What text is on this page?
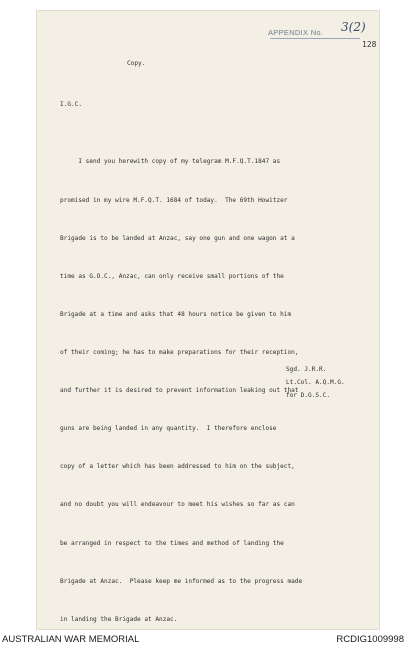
APPENDIX No. 3(2)
128
Copy.
I.G.C.

I send you herewith copy of my telegram M.F.Q.T.1847 as

promised in my wire M.F.Q.T. 1684 of today.  The 69th Howitzer

Brigade is to be landed at Anzac, say one gun and one wagon at a

time as G.O.C., Anzac, can only receive small portions of the

Brigade at a time and asks that 48 hours notice be given to him

of their coming; he has to make preparations for their reception,

and further it is desired to prevent information leaking out that

guns are being landed in any quantity.  I therefore enclose

copy of a letter which has been addressed to him on the subject,

and no doubt you will endeavour to meet his wishes so far as can

be arranged in respect to the times and method of landing the

Brigade at Anzac.  Please keep me informed as to the progress made

in landing the Brigade at Anzac.

Sgd. J.R.R.
Lt.Col. A.Q.M.G.
for D.G.S.C.
AUSTRALIAN WAR MEMORIAL	RCDIG1009998
